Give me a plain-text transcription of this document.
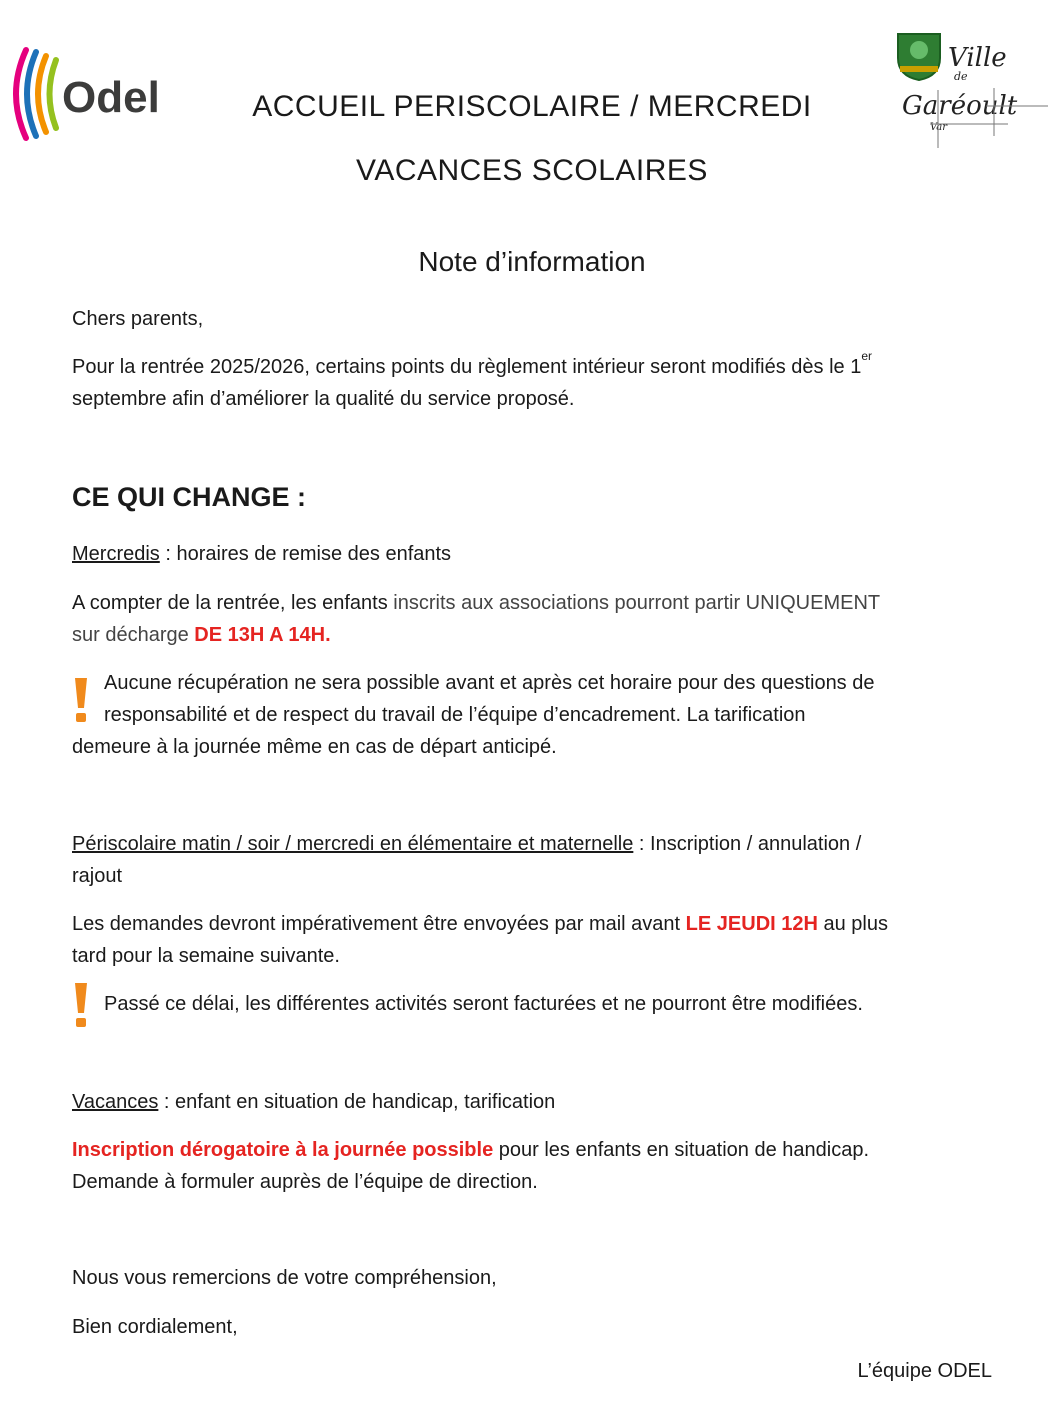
Odel
Ville
de
Garéoult
Var
ACCUEIL PERISCOLAIRE / MERCREDI
VACANCES SCOLAIRES
Note d’information
Chers parents,
Pour la rentrée 2025/2026, certains points du règlement intérieur seront modifiés dès le 1er
septembre afin d’améliorer la qualité du service proposé.
CE QUI CHANGE :
Mercredis : horaires de remise des enfants
A compter de la rentrée, les enfants inscrits aux associations pourront partir UNIQUEMENT
sur décharge DE 13H A 14H.
Aucune récupération ne sera possible avant et après cet horaire pour des questions de
responsabilité et de respect du travail de l’équipe d’encadrement. La tarification
demeure à la journée même en cas de départ anticipé.
Périscolaire matin / soir / mercredi en élémentaire et maternelle : Inscription / annulation /
rajout
Les demandes devront impérativement être envoyées par mail avant LE JEUDI 12H au plus
tard pour la semaine suivante.
Passé ce délai, les différentes activités seront facturées et ne pourront être modifiées.
Vacances : enfant en situation de handicap, tarification
Inscription dérogatoire à la journée possible pour les enfants en situation de handicap.
Demande à formuler auprès de l’équipe de direction.
Nous vous remercions de votre compréhension,
Bien cordialement,
L’équipe ODEL
